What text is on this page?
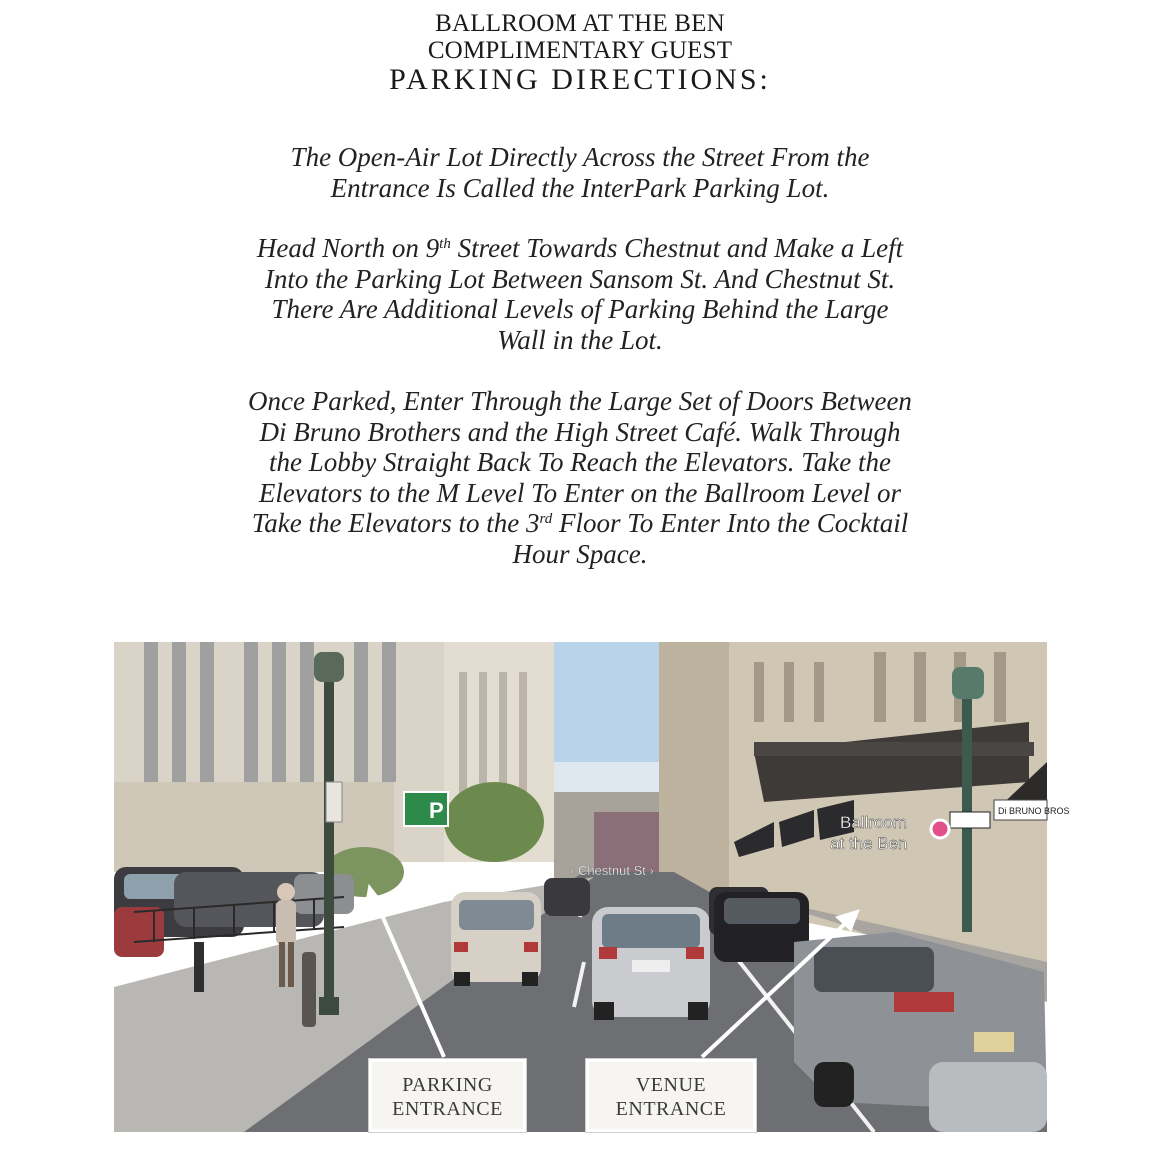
BALLROOM AT THE BEN
COMPLIMENTARY GUEST
PARKING DIRECTIONS:
The Open-Air Lot Directly Across the Street From the
Entrance Is Called the InterPark Parking Lot.
Head North on 9th Street Towards Chestnut and Make a Left
Into the Parking Lot Between Sansom St. And Chestnut St.
There Are Additional Levels of Parking Behind the Large
Wall in the Lot.
Once Parked, Enter Through the Large Set of Doors Between
Di Bruno Brothers and the High Street Café. Walk Through
the Lobby Straight Back To Reach the Elevators. Take the
Elevators to the M Level To Enter on the Ballroom Level or
Take the Elevators to the 3rd Floor To Enter Into the Cocktail
Hour Space.
P	Di BRUNO BROS
‹ Chestnut St ›
Ballroom
at the Ben
PARKING
ENTRANCE
VENUE
ENTRANCE
